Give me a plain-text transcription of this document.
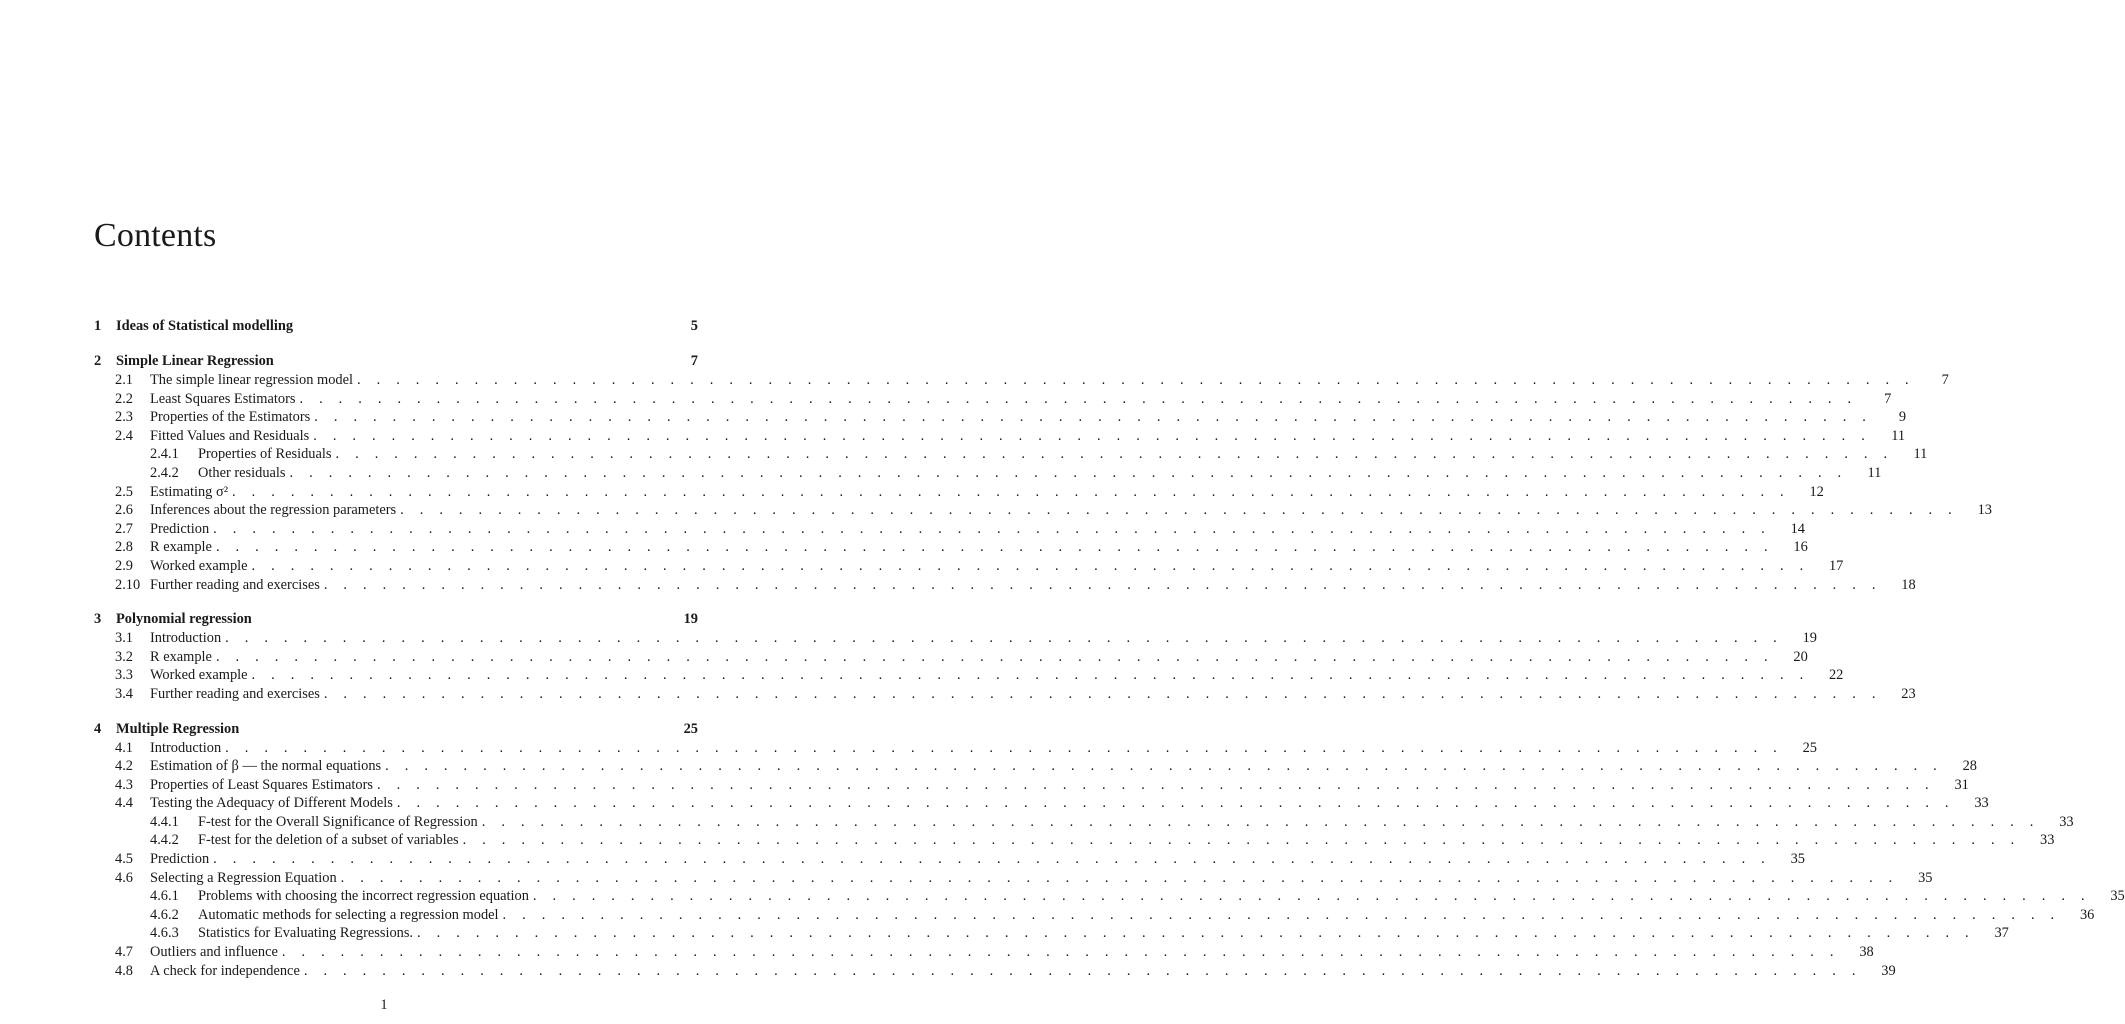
Contents
1	Ideas of Statistical modelling	5
2	Simple Linear Regression	7
2.1	The simple linear regression model . . . . . . . . . . . . . . . . . . . . . . . . . . . . . . . . . . . . . . . . . . . . . . . . . . . . . . . . . . . . . . . . . . . . . . . . . . . . . . . .	7
2.2	Least Squares Estimators . . . . . . . . . . . . . . . . . . . . . . . . . . . . . . . . . . . . . . . . . . . . . . . . . . . . . . . . . . . . . . . . . . . . . . . . . . . . . . . .	7
2.3	Properties of the Estimators . . . . . . . . . . . . . . . . . . . . . . . . . . . . . . . . . . . . . . . . . . . . . . . . . . . . . . . . . . . . . . . . . . . . . . . . . . . . . . . .	9
2.4	Fitted Values and Residuals . . . . . . . . . . . . . . . . . . . . . . . . . . . . . . . . . . . . . . . . . . . . . . . . . . . . . . . . . . . . . . . . . . . . . . . . . . . . . . . .	11
2.4.1	Properties of Residuals . . . . . . . . . . . . . . . . . . . . . . . . . . . . . . . . . . . . . . . . . . . . . . . . . . . . . . . . . . . . . . . . . . . . . . . . . . . . . . . .	11
2.4.2	Other residuals . . . . . . . . . . . . . . . . . . . . . . . . . . . . . . . . . . . . . . . . . . . . . . . . . . . . . . . . . . . . . . . . . . . . . . . . . . . . . . . .	11
2.5	Estimating σ² . . . . . . . . . . . . . . . . . . . . . . . . . . . . . . . . . . . . . . . . . . . . . . . . . . . . . . . . . . . . . . . . . . . . . . . . . . . . . . . .	12
2.6	Inferences about the regression parameters . . . . . . . . . . . . . . . . . . . . . . . . . . . . . . . . . . . . . . . . . . . . . . . . . . . . . . . . . . . . . . . . . . . . . . . . . . . . . . . .	13
2.7	Prediction . . . . . . . . . . . . . . . . . . . . . . . . . . . . . . . . . . . . . . . . . . . . . . . . . . . . . . . . . . . . . . . . . . . . . . . . . . . . . . . .	14
2.8	R example . . . . . . . . . . . . . . . . . . . . . . . . . . . . . . . . . . . . . . . . . . . . . . . . . . . . . . . . . . . . . . . . . . . . . . . . . . . . . . . .	16
2.9	Worked example . . . . . . . . . . . . . . . . . . . . . . . . . . . . . . . . . . . . . . . . . . . . . . . . . . . . . . . . . . . . . . . . . . . . . . . . . . . . . . . .	17
2.10 Further reading and exercises . . . . . . . . . . . . . . . . . . . . . . . . . . . . . . . . . . . . . . . . . . . . . . . . . . . . . . . . . . . . . . . . . . . . . . . . . . . . . . . .	18
3	Polynomial regression	19
3.1	Introduction . . . . . . . . . . . . . . . . . . . . . . . . . . . . . . . . . . . . . . . . . . . . . . . . . . . . . . . . . . . . . . . . . . . . . . . . . . . . . . . .	19
3.2	R example . . . . . . . . . . . . . . . . . . . . . . . . . . . . . . . . . . . . . . . . . . . . . . . . . . . . . . . . . . . . . . . . . . . . . . . . . . . . . . . .	20
3.3	Worked example . . . . . . . . . . . . . . . . . . . . . . . . . . . . . . . . . . . . . . . . . . . . . . . . . . . . . . . . . . . . . . . . . . . . . . . . . . . . . . . .	22
3.4	Further reading and exercises . . . . . . . . . . . . . . . . . . . . . . . . . . . . . . . . . . . . . . . . . . . . . . . . . . . . . . . . . . . . . . . . . . . . . . . . . . . . . . . .	23
4	Multiple Regression	25
4.1	Introduction . . . . . . . . . . . . . . . . . . . . . . . . . . . . . . . . . . . . . . . . . . . . . . . . . . . . . . . . . . . . . . . . . . . . . . . . . . . . . . . .	25
4.2	Estimation of β — the normal equations . . . . . . . . . . . . . . . . . . . . . . . . . . . . . . . . . . . . . . . . . . . . . . . . . . . . . . . . . . . . . . . . . . . . . . . . . . . . . . . .	28
4.3	Properties of Least Squares Estimators . . . . . . . . . . . . . . . . . . . . . . . . . . . . . . . . . . . . . . . . . . . . . . . . . . . . . . . . . . . . . . . . . . . . . . . . . . . . . . . .	31
4.4	Testing the Adequacy of Different Models . . . . . . . . . . . . . . . . . . . . . . . . . . . . . . . . . . . . . . . . . . . . . . . . . . . . . . . . . . . . . . . . . . . . . . . . . . . . . . . .	33
4.4.1	F-test for the Overall Significance of Regression . . . . . . . . . . . . . . . . . . . . . . . . . . . . . . . . . . . . . . . . . . . . . . . . . . . . . . . . . . . . . . . . . . . . . . . . . . . . . . . .	33
4.4.2	F-test for the deletion of a subset of variables . . . . . . . . . . . . . . . . . . . . . . . . . . . . . . . . . . . . . . . . . . . . . . . . . . . . . . . . . . . . . . . . . . . . . . . . . . . . . . . .	33
4.5	Prediction . . . . . . . . . . . . . . . . . . . . . . . . . . . . . . . . . . . . . . . . . . . . . . . . . . . . . . . . . . . . . . . . . . . . . . . . . . . . . . . .	35
4.6	Selecting a Regression Equation . . . . . . . . . . . . . . . . . . . . . . . . . . . . . . . . . . . . . . . . . . . . . . . . . . . . . . . . . . . . . . . . . . . . . . . . . . . . . . . .	35
4.6.1	Problems with choosing the incorrect regression equation . . . . . . . . . . . . . . . . . . . . . . . . . . . . . . . . . . . . . . . . . . . . . . . . . . . . . . . . . . . . . . . . . . . . . . . . . . . . . . . .	35
4.6.2	Automatic methods for selecting a regression model . . . . . . . . . . . . . . . . . . . . . . . . . . . . . . . . . . . . . . . . . . . . . . . . . . . . . . . . . . . . . . . . . . . . . . . . . . . . . . . .	36
4.6.3	Statistics for Evaluating Regressions. . . . . . . . . . . . . . . . . . . . . . . . . . . . . . . . . . . . . . . . . . . . . . . . . . . . . . . . . . . . . . . . . . . . . . . . . . . . . . . . .	37
4.7	Outliers and influence . . . . . . . . . . . . . . . . . . . . . . . . . . . . . . . . . . . . . . . . . . . . . . . . . . . . . . . . . . . . . . . . . . . . . . . . . . . . . . . .	38
4.8	A check for independence . . . . . . . . . . . . . . . . . . . . . . . . . . . . . . . . . . . . . . . . . . . . . . . . . . . . . . . . . . . . . . . . . . . . . . . . . . . . . . . .	39
1
